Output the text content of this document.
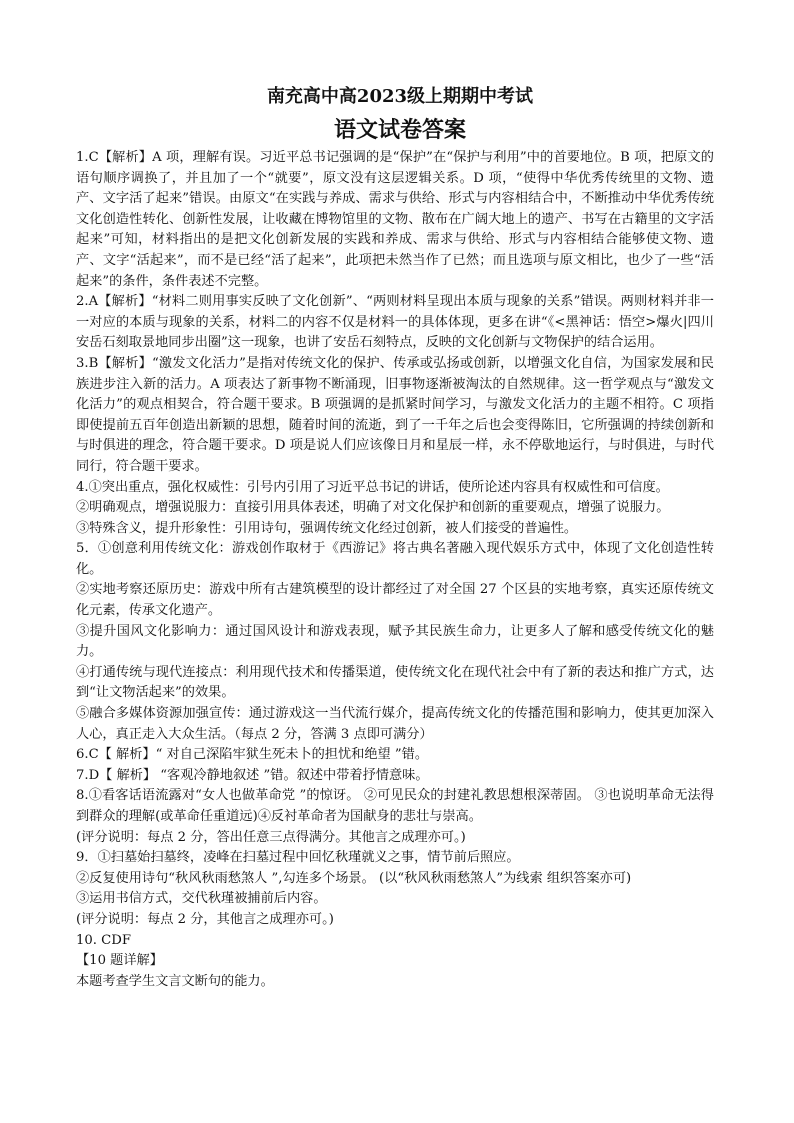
南充高中高2023级上期期中考试
语文试卷答案

1.C【解析】A 项，理解有误。习近平总书记强调的是“保护”在“保护与利用”中的首要地位。B 项，把原文的语句顺序调换了，并且加了一个“就要”，原文没有这层逻辑关系。D 项，“使得中华优秀传统里的文物、遗产、文字活了起来”错误。由原文“在实践与养成、需求与供给、形式与内容相结合中，不断推动中华优秀传统文化创造性转化、创新性发展，让收藏在博物馆里的文物、散布在广阔大地上的遗产、书写在古籍里的文字活起来”可知，材料指出的是把文化创新发展的实践和养成、需求与供给、形式与内容相结合能够使文物、遗产、文字“活起来”，而不是已经“活了起来”，此项把未然当作了已然；而且选项与原文相比，也少了一些“活起来”的条件，条件表述不完整。

2.A【解析】“材料二则用事实反映了文化创新”、“两则材料呈现出本质与现象的关系”错误。两则材料并非一一对应的本质与现象的关系，材料二的内容不仅是材料一的具体体现，更多在讲“《<黑神话：悟空>爆火|四川安岳石刻取景地同步出圈”这一现象，也讲了安岳石刻特点，反映的文化创新与文物保护的结合运用。

3.B【解析】“激发文化活力”是指对传统文化的保护、传承或弘扬或创新，以增强文化自信，为国家发展和民族进步注入新的活力。A 项表达了新事物不断涌现，旧事物逐渐被淘汰的自然规律。这一哲学观点与“激发文化活力”的观点相契合，符合题干要求。B 项强调的是抓紧时间学习，与激发文化活力的主题不相符。C 项指即使提前五百年创造出新颖的思想，随着时间的流逝，到了一千年之后也会变得陈旧，它所强调的持续创新和与时俱进的理念，符合题干要求。D 项是说人们应该像日月和星辰一样，永不停歇地运行，与时俱进，与时代同行，符合题干要求。

4.①突出重点，强化权威性：引号内引用了习近平总书记的讲话，使所论述内容具有权威性和可信度。

②明确观点，增强说服力：直接引用具体表述，明确了对文化保护和创新的重要观点，增强了说服力。

③特殊含义，提升形象性：引用诗句，强调传统文化经过创新，被人们接受的普遍性。

5．①创意利用传统文化：游戏创作取材于《西游记》将古典名著融入现代娱乐方式中，体现了文化创造性转化。

②实地考察还原历史：游戏中所有古建筑模型的设计都经过了对全国 27 个区县的实地考察，真实还原传统文化元素，传承文化遗产。

③提升国风文化影响力：通过国风设计和游戏表现，赋予其民族生命力，让更多人了解和感受传统文化的魅力。

④打通传统与现代连接点：利用现代技术和传播渠道，使传统文化在现代社会中有了新的表达和推广方式，达到“让文物活起来”的效果。

⑤融合多媒体资源加强宣传：通过游戏这一当代流行媒介，提高传统文化的传播范围和影响力，使其更加深入人心，真正走入大众生活。（每点 2 分，答满 3 点即可满分）

6.C【 解析】“ 对自己深陷牢狱生死未卜的担忧和绝望 ”错。

7.D【 解析】 “客观冷静地叙述 ”错。叙述中带着抒情意味。

8.①看客话语流露对“女人也做革命党 ”的惊讶。 ②可见民众的封建礼教思想根深蒂固。 ③也说明革命无法得到群众的理解(或革命任重道远)④反衬革命者为国献身的悲壮与崇高。

(评分说明：每点 2 分，答出任意三点得满分。其他言之成理亦可。)

9．①扫墓始扫墓终，凌峰在扫墓过程中回忆秋瑾就义之事，情节前后照应。

②反复使用诗句“秋风秋雨愁煞人 ”,勾连多个场景。 (以“秋风秋雨愁煞人”为线索 组织答案亦可)

③运用书信方式，交代秋瑾被捕前后内容。

(评分说明：每点 2 分，其他言之成理亦可。)

10. CDF

【10 题详解】

本题考查学生文言文断句的能力。
